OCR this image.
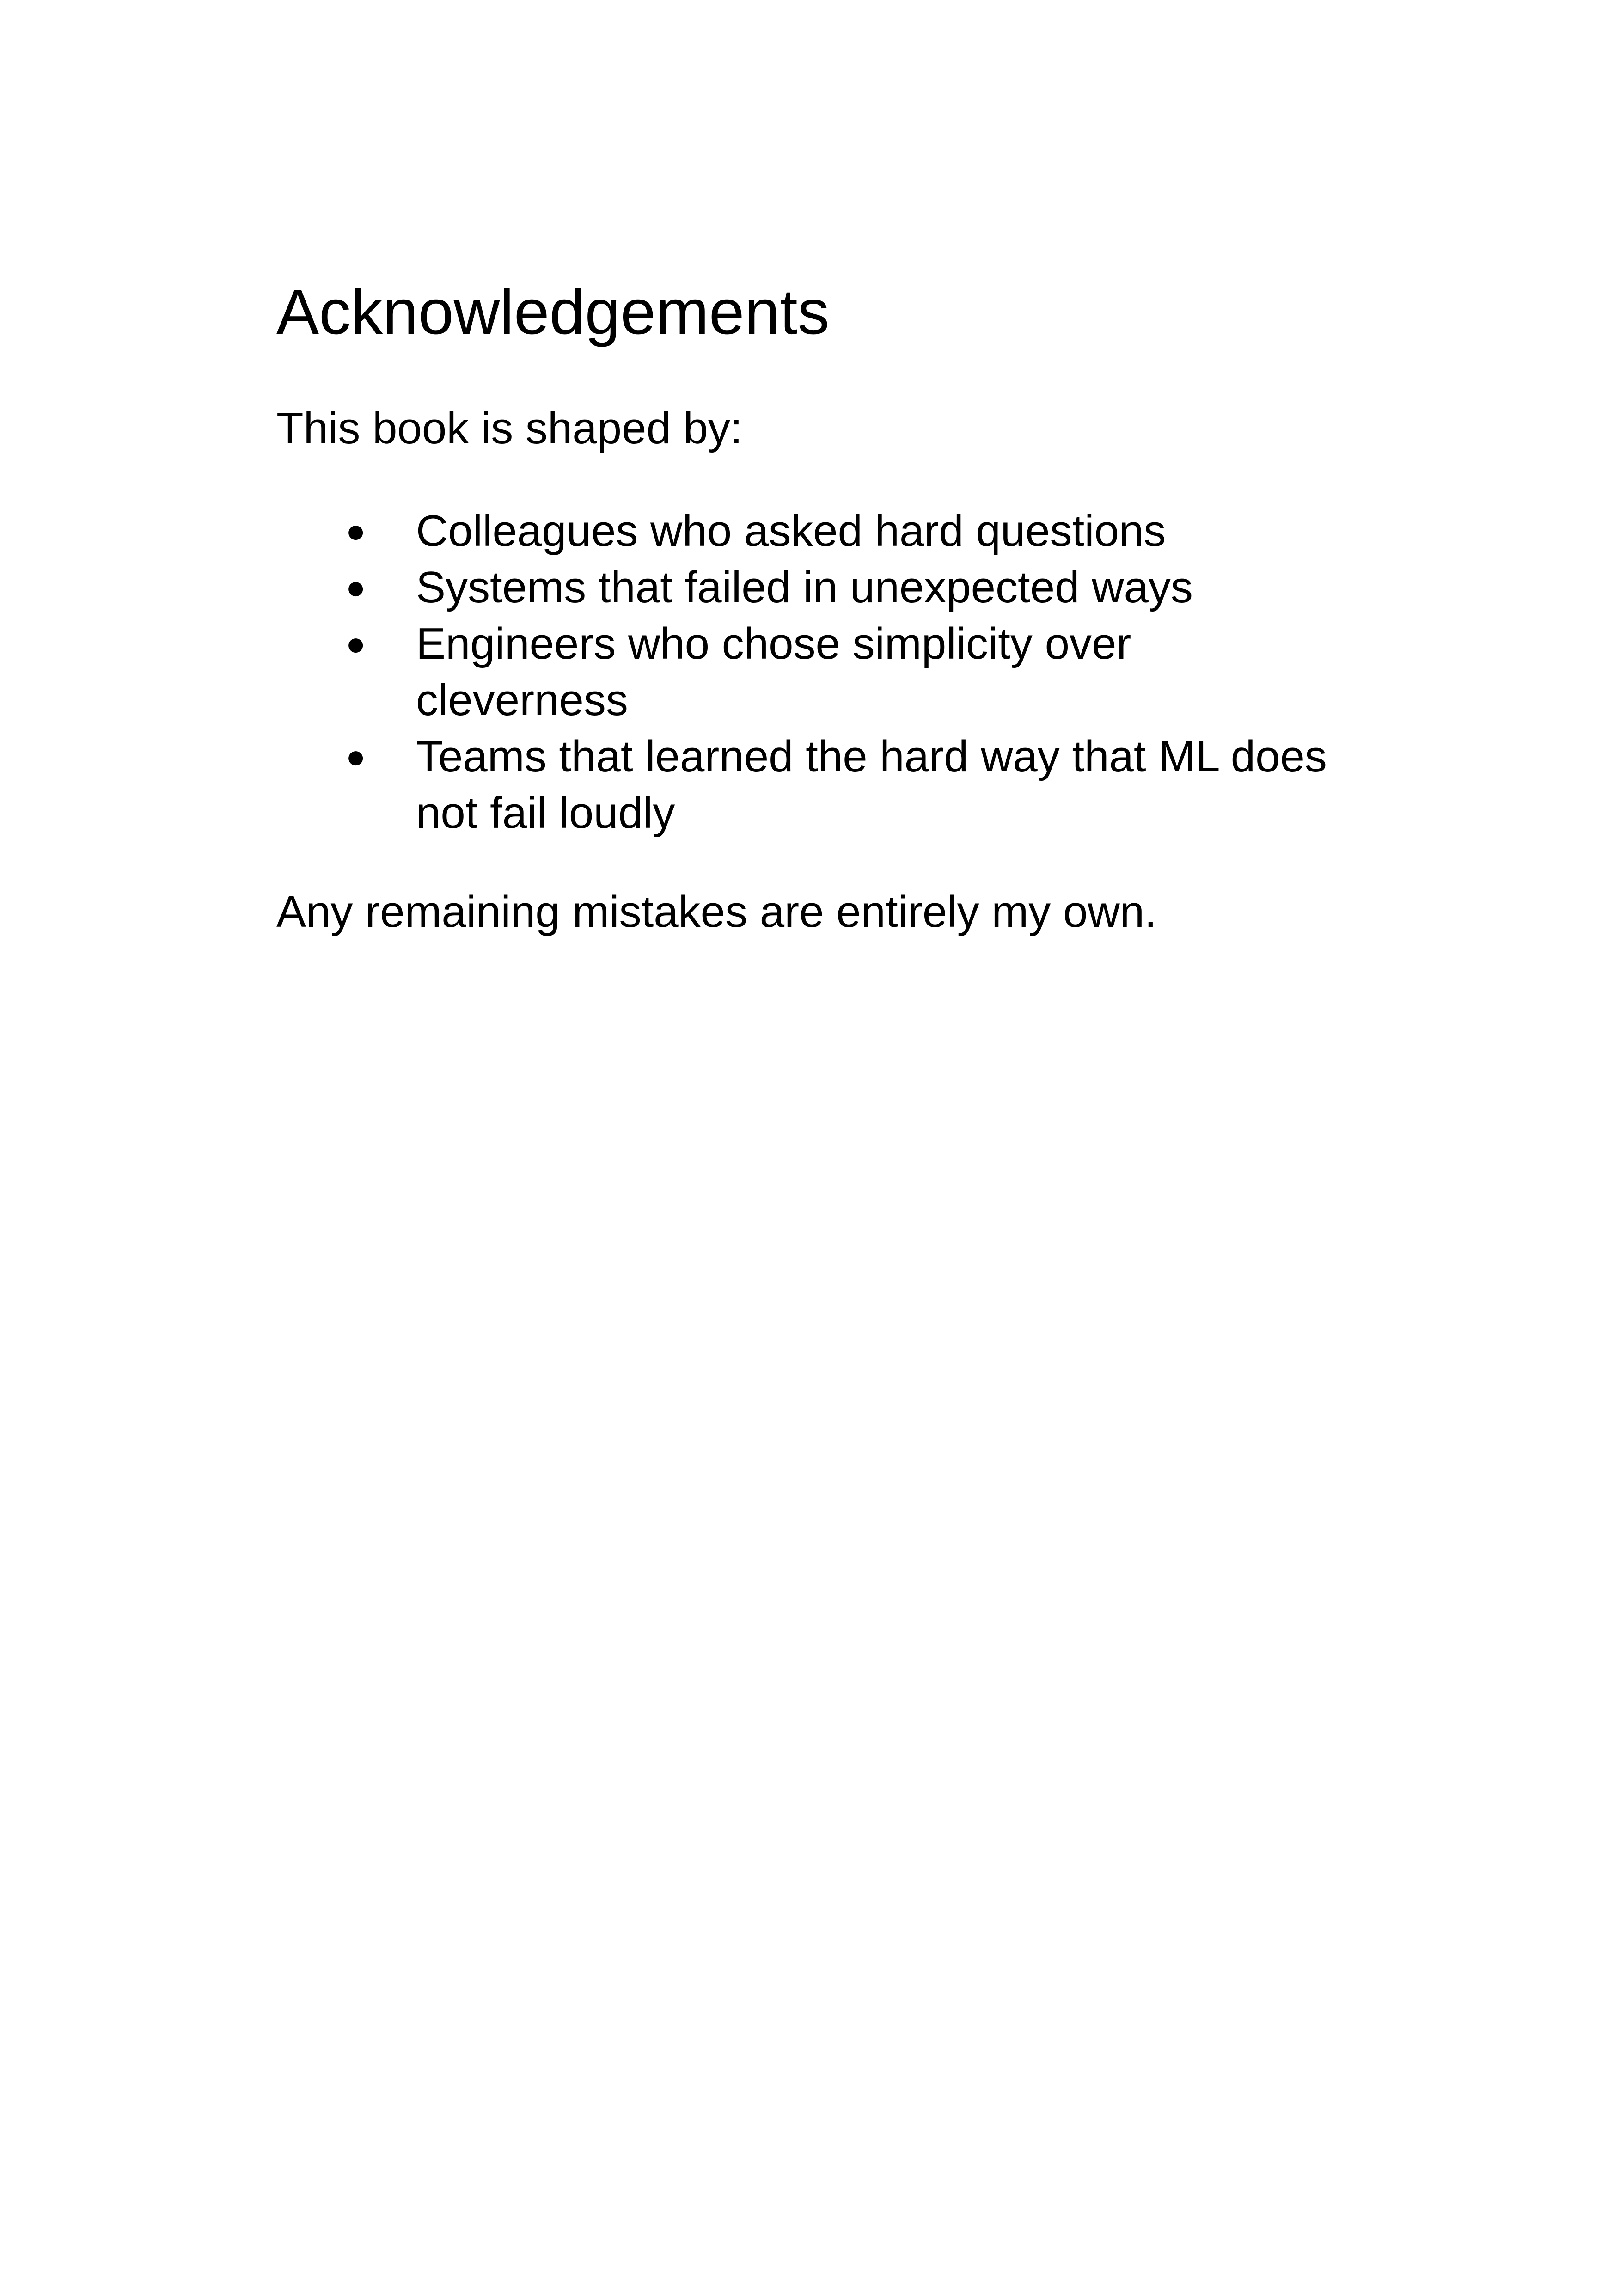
Acknowledgements

This book is shaped by:

● Colleagues who asked hard questions
● Systems that failed in unexpected ways
● Engineers who chose simplicity over cleverness
● Teams that learned the hard way that ML does not fail loudly

Any remaining mistakes are entirely my own.
